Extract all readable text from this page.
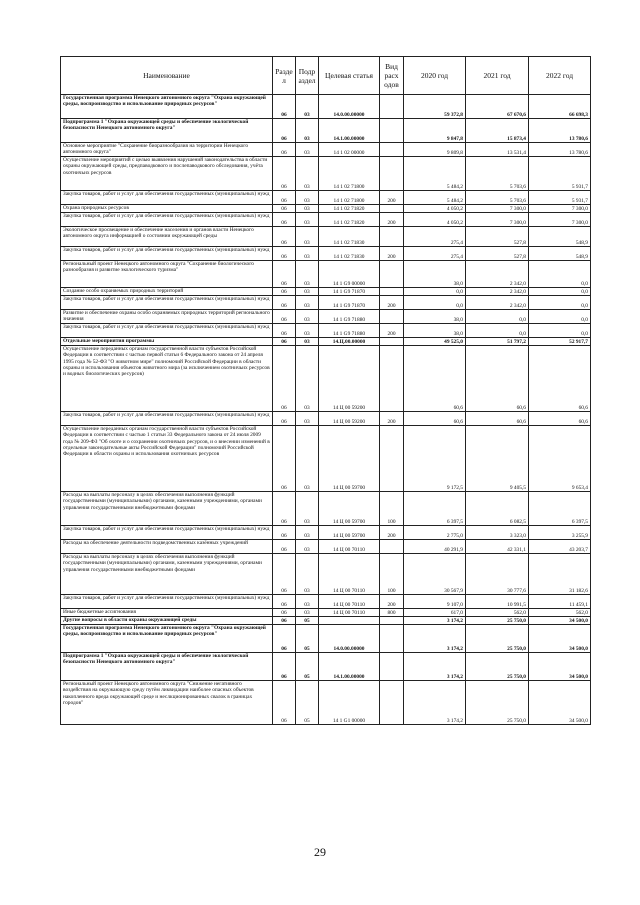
Наименование	Разде л	Подр аздел	Целевая статья	Вид расх одов	2020 год	2021 год	2022 год
Государственная программа Ненецкого автономного округа "Охрана окружающей среды, воспроизводство и использование природных ресурсов"	06	03	14.0.00.00000		59 372,8	67 670,6	66 698,3
Подпрограмма 1 "Охрана окружающей среды и обеспечение экологической безопасности Ненецкого автономного округа"	06	03	14.1.00.00000		9 847,8	15 873,4	13 780,6
Основное мероприятие "Сохранение биоразнообразия на территории Ненецкого автономного округа"	06	03	14 1 02 00000		9 809,8	13 531,4	13 780,6
Осуществление мероприятий с целью выявления нарушений законодательства в области охраны окружающей среды, предпаводкового и послепаводкового обследования, учёта охотничьих ресурсов	06	03	14 1 02 71800		5 484,2	5 703,6	5 931,7
Закупка товаров, работ и услуг для обеспечения государственных (муниципальных) нужд	06	03	14 1 02 71800	200	5 484,2	5 703,6	5 931,7
Охрана природных ресурсов	06	03	14 1 02 71820		4 050,2	7 300,0	7 300,0
Закупка товаров, работ и услуг для обеспечения государственных (муниципальных) нужд	06	03	14 1 02 71820	200	4 050,2	7 300,0	7 300,0
Экологическое просвещение и обеспечение населения и органов власти Ненецкого автономного округа информацией о состоянии окружающей среды	06	03	14 1 02 71830		275,4	527,8	548,9
Закупка товаров, работ и услуг для обеспечения государственных (муниципальных) нужд	06	03	14 1 02 71830	200	275,4	527,8	548,9
Региональный проект Ненецкого автономного округа "Сохранение биологического разнообразия и развитие экологического туризма"	06	03	14 1 G9 00000		38,0	2 342,0	0,0
Создание особо охраняемых природных территорий	06	03	14 1 G9 71870		0,0	2 342,0	0,0
Закупка товаров, работ и услуг для обеспечения государственных (муниципальных) нужд	06	03	14 1 G9 71870	200	0,0	2 342,0	0,0
Развитие и обеспечение охраны особо охраняемых природных территорий регионального значения	06	03	14 1 G9 71880		38,0	0,0	0,0
Закупка товаров, работ и услуг для обеспечения государственных (муниципальных) нужд	06	03	14 1 G9 71880	200	38,0	0,0	0,0
Отдельные мероприятия программы	06	03	14.Ц.00.00000		49 525,0	51 797,2	52 917,7
Осуществление переданных органам государственной власти субъектов Российской Федерации в соответствии с частью первой статьи 6 Федерального закона от 24 апреля 1995 года № 52-ФЗ "О животном мире" полномочий Российской Федерации в области охраны и использования объектов животного мира (за исключением охотничьих ресурсов и водных биологических ресурсов)	06	03	14 Ц 00 59200		60,6	60,6	60,6
Закупка товаров, работ и услуг для обеспечения государственных (муниципальных) нужд	06	03	14 Ц 00 59200	200	60,6	60,6	60,6
Осуществление переданных органам государственной власти субъектов Российской Федерации в соответствии с частью 1 статьи 33 Федерального закона от 24 июля 2009 года № 209-ФЗ "Об охоте и о сохранении охотничьих ресурсов, и о внесении изменений в отдельные законодательные акты Российской Федерации" полномочий Российской Федерации в области охраны и использования охотничьих ресурсов	06	03	14 Ц 00 59700		9 172,5	9 405,5	9 653,4
Расходы на выплаты персоналу в целях обеспечения выполнения функций государственными (муниципальными) органами, казенными учреждениями, органами управления государственными внебюджетными фондами	06	03	14 Ц 00 59700	100	6 397,5	6 082,5	6 397,5
Закупка товаров, работ и услуг для обеспечения государственных (муниципальных) нужд	06	03	14 Ц 00 59700	200	2 775,0	3 323,0	3 255,9
Расходы на обеспечение деятельности подведомственных казённых учреждений	06	03	14 Ц 00 70110		40 291,9	42 331,1	43 203,7
Расходы на выплаты персоналу в целях обеспечения выполнения функций государственными (муниципальными) органами, казенными учреждениями, органами управления государственными внебюджетными фондами	06	03	14 Ц 00 70110	100	30 567,9	30 777,6	31 182,6
Закупка товаров, работ и услуг для обеспечения государственных (муниципальных) нужд	06	03	14 Ц 00 70110	200	9 107,0	10 991,5	11 459,1
Иные бюджетные ассигнования	06	03	14 Ц 00 70110	800	617,0	562,0	562,0
Другие вопросы в области охраны окружающей среды	06	05			3 174,2	25 750,0	34 500,0
Государственная программа Ненецкого автономного округа "Охрана окружающей среды, воспроизводство и использование природных ресурсов"	06	05	14.0.00.00000		3 174,2	25 750,0	34 500,0
Подпрограмма 1 "Охрана окружающей среды и обеспечение экологической безопасности Ненецкого автономного округа"	06	05	14.1.00.00000		3 174,2	25 750,0	34 500,0
Региональный проект Ненецкого автономного округа "Снижение негативного воздействия на окружающую среду путём ликвидации наиболее опасных объектов накопленного вреда окружающей среде и неслкционированных свалок в границах городов"	06	05	14 1 G1 00000		3 174,2	25 750,0	34 500,0
29
